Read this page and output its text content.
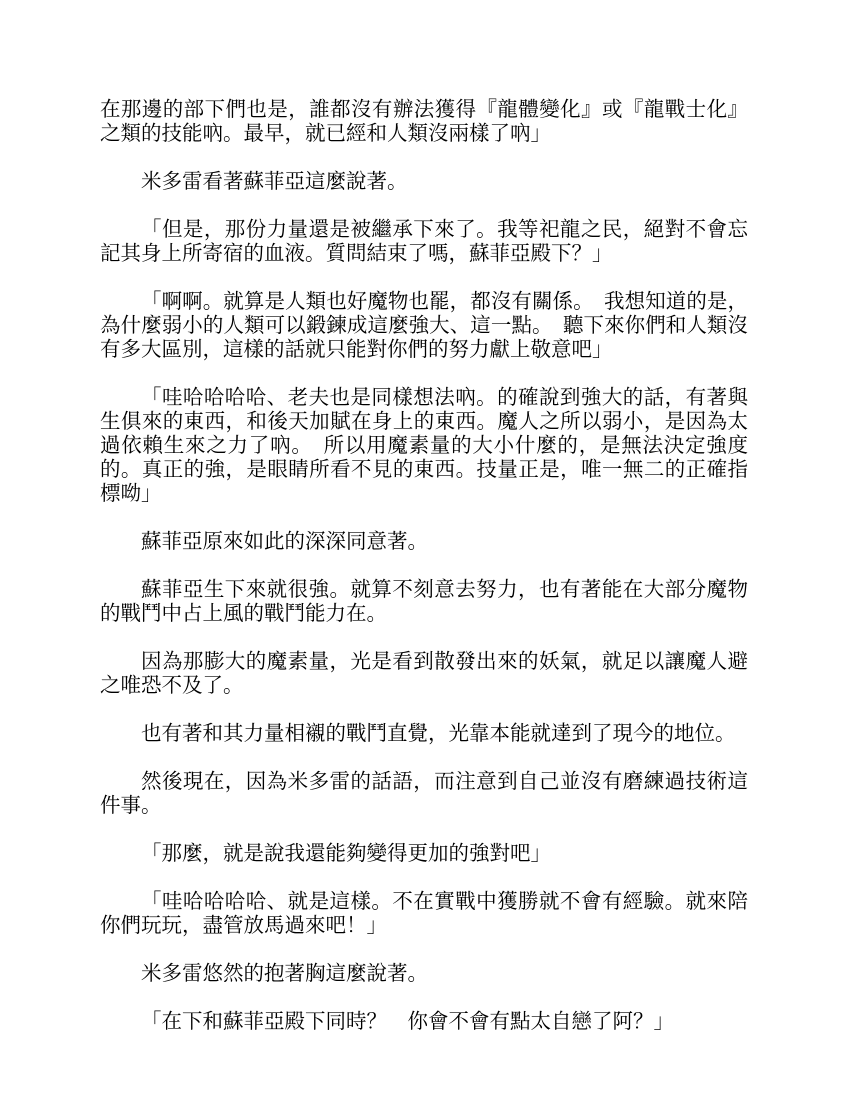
在那邊的部下們也是，誰都沒有辦法獲得『龍體變化』或『龍戰士化』之類的技能吶。最早，就已經和人類沒兩樣了吶」

米多雷看著蘇菲亞這麼說著。

「但是，那份力量還是被繼承下來了。我等祀龍之民，絕對不會忘記其身上所寄宿的血液。質問結束了嗎，蘇菲亞殿下？」

「啊啊。就算是人類也好魔物也罷，都沒有關係。　我想知道的是，為什麼弱小的人類可以鍛鍊成這麼強大、這一點。　聽下來你們和人類沒有多大區別，這樣的話就只能對你們的努力獻上敬意吧」

「哇哈哈哈哈、老夫也是同樣想法吶。的確說到強大的話，有著與生俱來的東西，和後天加賦在身上的東西。魔人之所以弱小，是因為太過依賴生來之力了吶。　所以用魔素量的大小什麼的，是無法決定強度的。真正的強，是眼睛所看不見的東西。技量正是，唯一無二的正確指標呦」

蘇菲亞原來如此的深深同意著。

蘇菲亞生下來就很強。就算不刻意去努力，也有著能在大部分魔物的戰鬥中占上風的戰鬥能力在。

因為那膨大的魔素量，光是看到散發出來的妖氣，就足以讓魔人避之唯恐不及了。

也有著和其力量相襯的戰鬥直覺，光靠本能就達到了現今的地位。

然後現在，因為米多雷的話語，而注意到自己並沒有磨練過技術這件事。

「那麼，就是說我還能夠變得更加的強對吧」

「哇哈哈哈哈、就是這樣。不在實戰中獲勝就不會有經驗。就來陪你們玩玩，盡管放馬過來吧！」

米多雷悠然的抱著胸這麼說著。

「在下和蘇菲亞殿下同時？　你會不會有點太自戀了阿？」
